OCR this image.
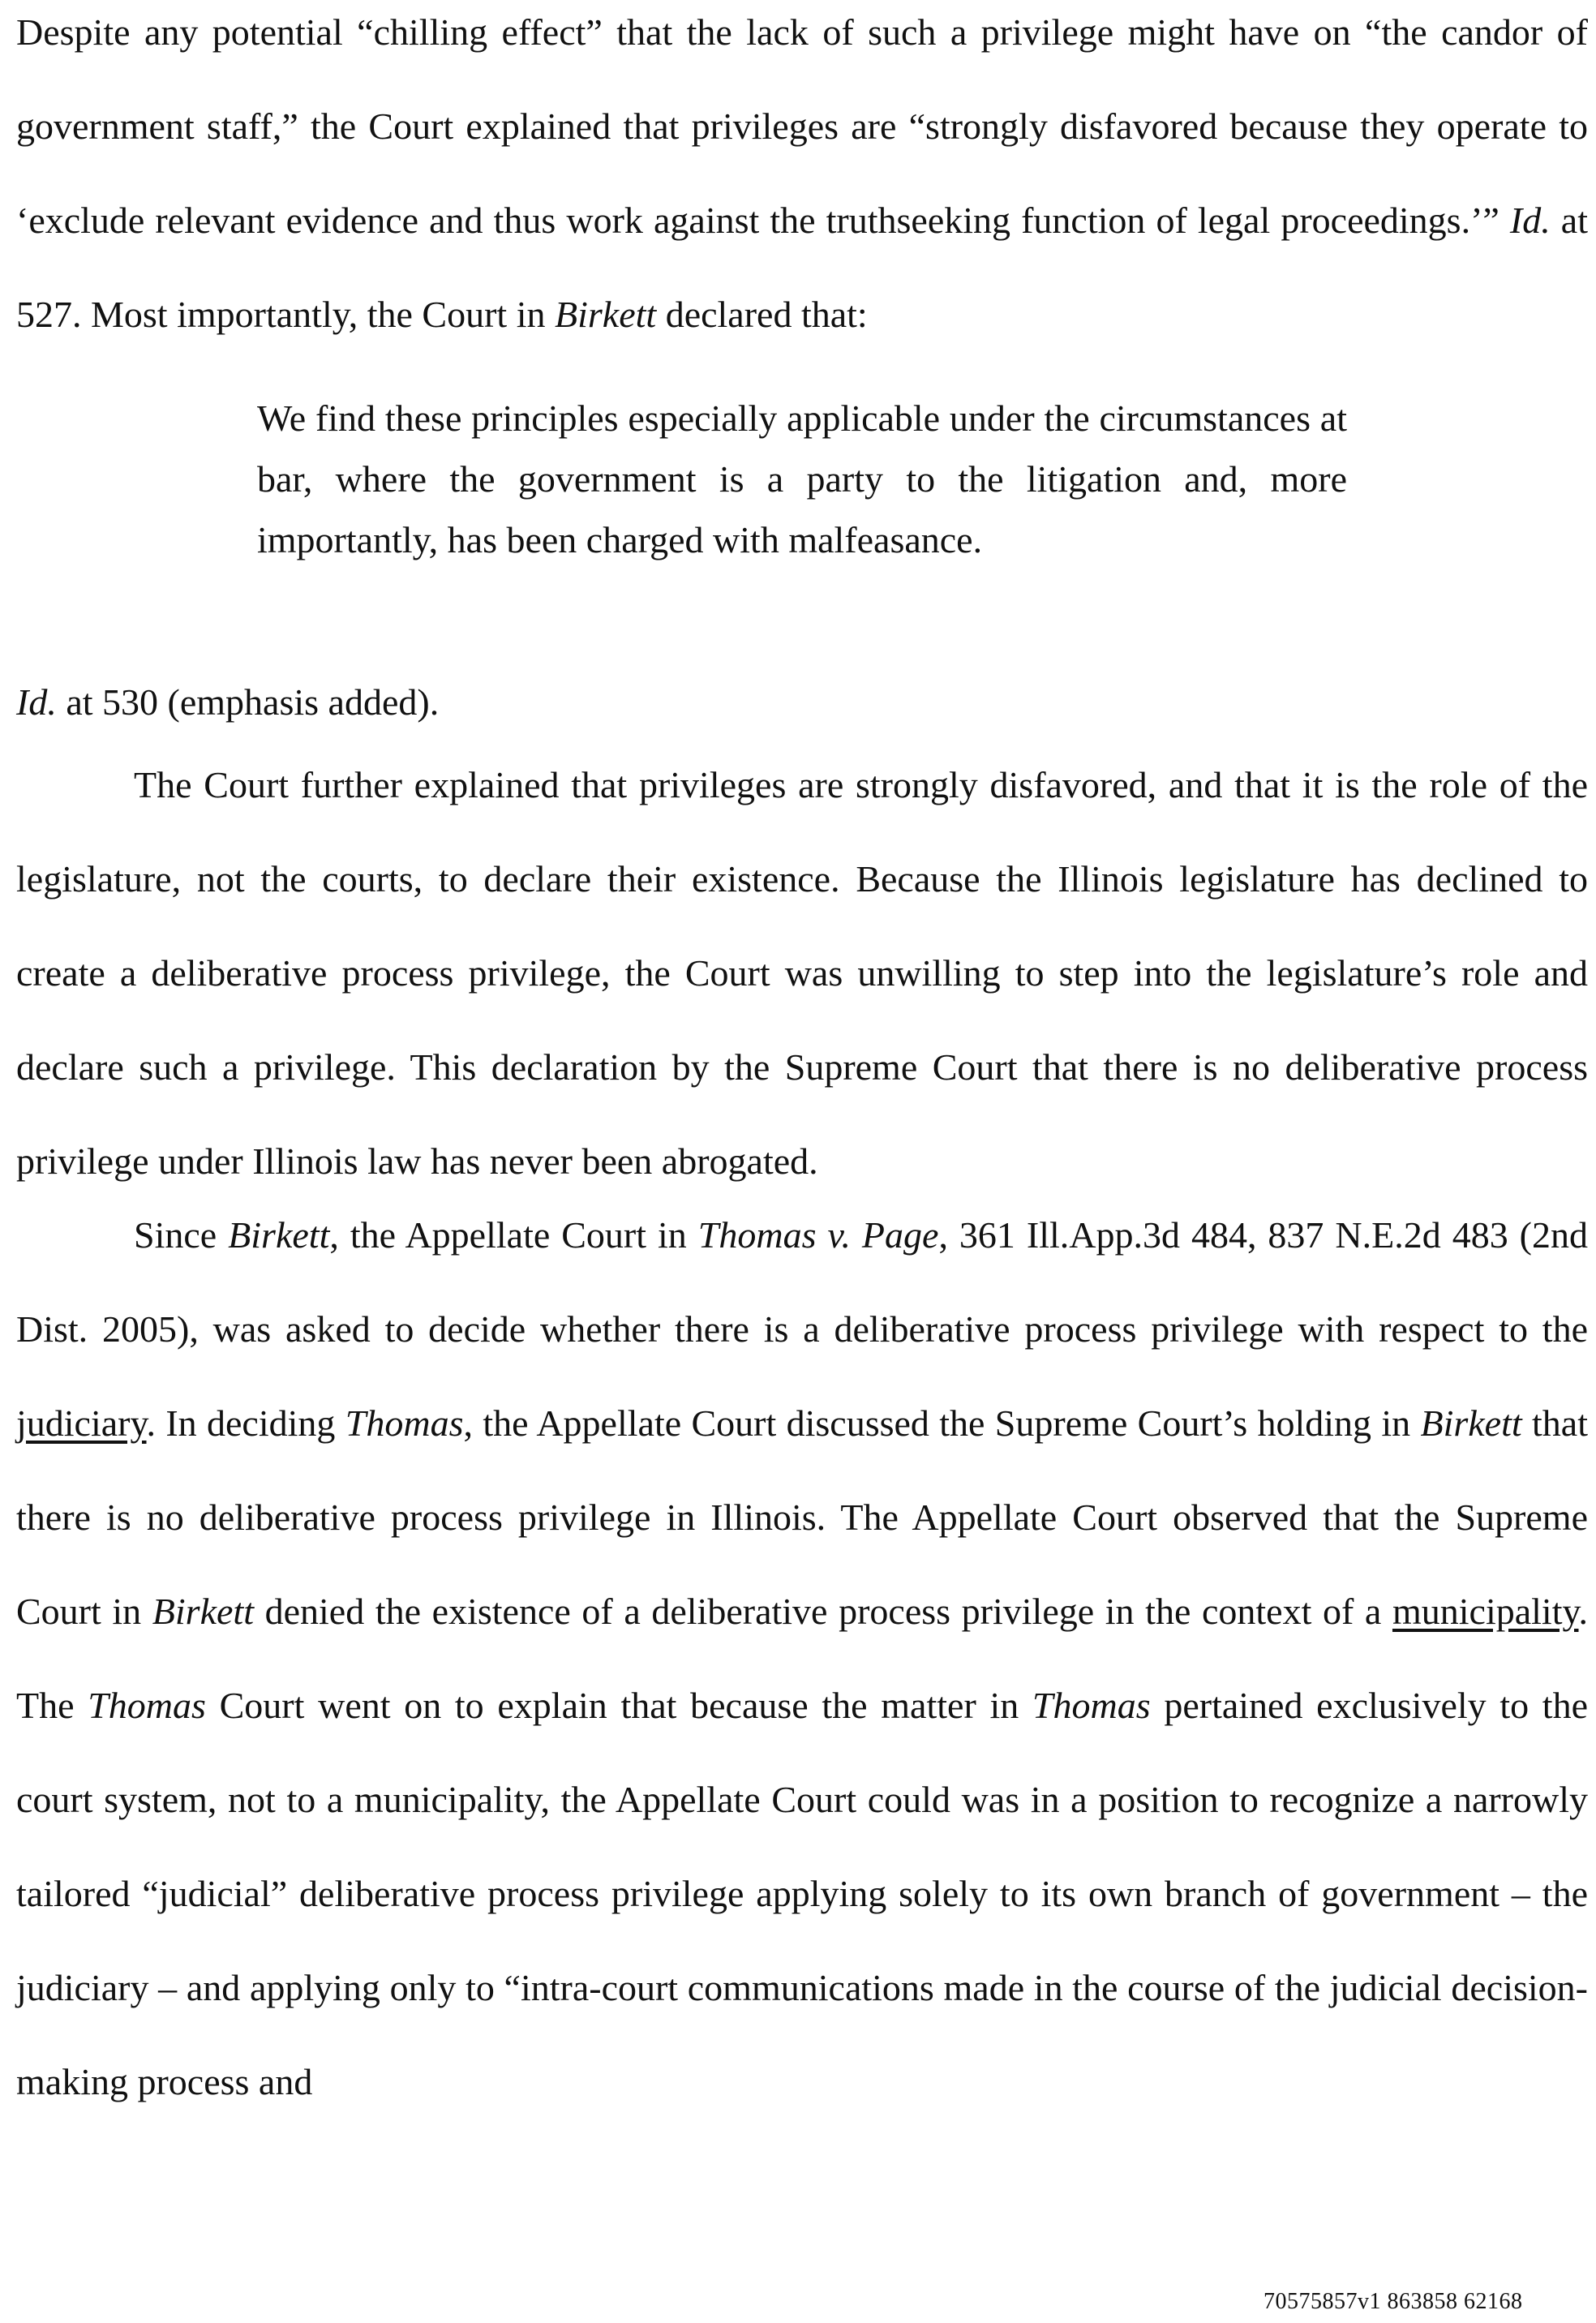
Despite any potential “chilling effect” that the lack of such a privilege might have on “the candor of government staff,” the Court explained that privileges are “strongly disfavored because they operate to ‘exclude relevant evidence and thus work against the truthseeking function of legal proceedings.’” Id. at 527. Most importantly, the Court in Birkett declared that:

We find these principles especially applicable under the circumstances at bar, where the government is a party to the litigation and, more importantly, has been charged with malfeasance.

Id. at 530 (emphasis added).

The Court further explained that privileges are strongly disfavored, and that it is the role of the legislature, not the courts, to declare their existence. Because the Illinois legislature has declined to create a deliberative process privilege, the Court was unwilling to step into the legislature’s role and declare such a privilege. This declaration by the Supreme Court that there is no deliberative process privilege under Illinois law has never been abrogated.

Since Birkett, the Appellate Court in Thomas v. Page, 361 Ill.App.3d 484, 837 N.E.2d 483 (2nd Dist. 2005), was asked to decide whether there is a deliberative process privilege with respect to the judiciary. In deciding Thomas, the Appellate Court discussed the Supreme Court’s holding in Birkett that there is no deliberative process privilege in Illinois. The Appellate Court observed that the Supreme Court in Birkett denied the existence of a deliberative process privilege in the context of a municipality. The Thomas Court went on to explain that because the matter in Thomas pertained exclusively to the court system, not to a municipality, the Appellate Court could was in a position to recognize a narrowly tailored “judicial” deliberative process privilege applying solely to its own branch of government – the judiciary – and applying only to “intra-court communications made in the course of the judicial decision-making process and

70575857v1 863858 62168
